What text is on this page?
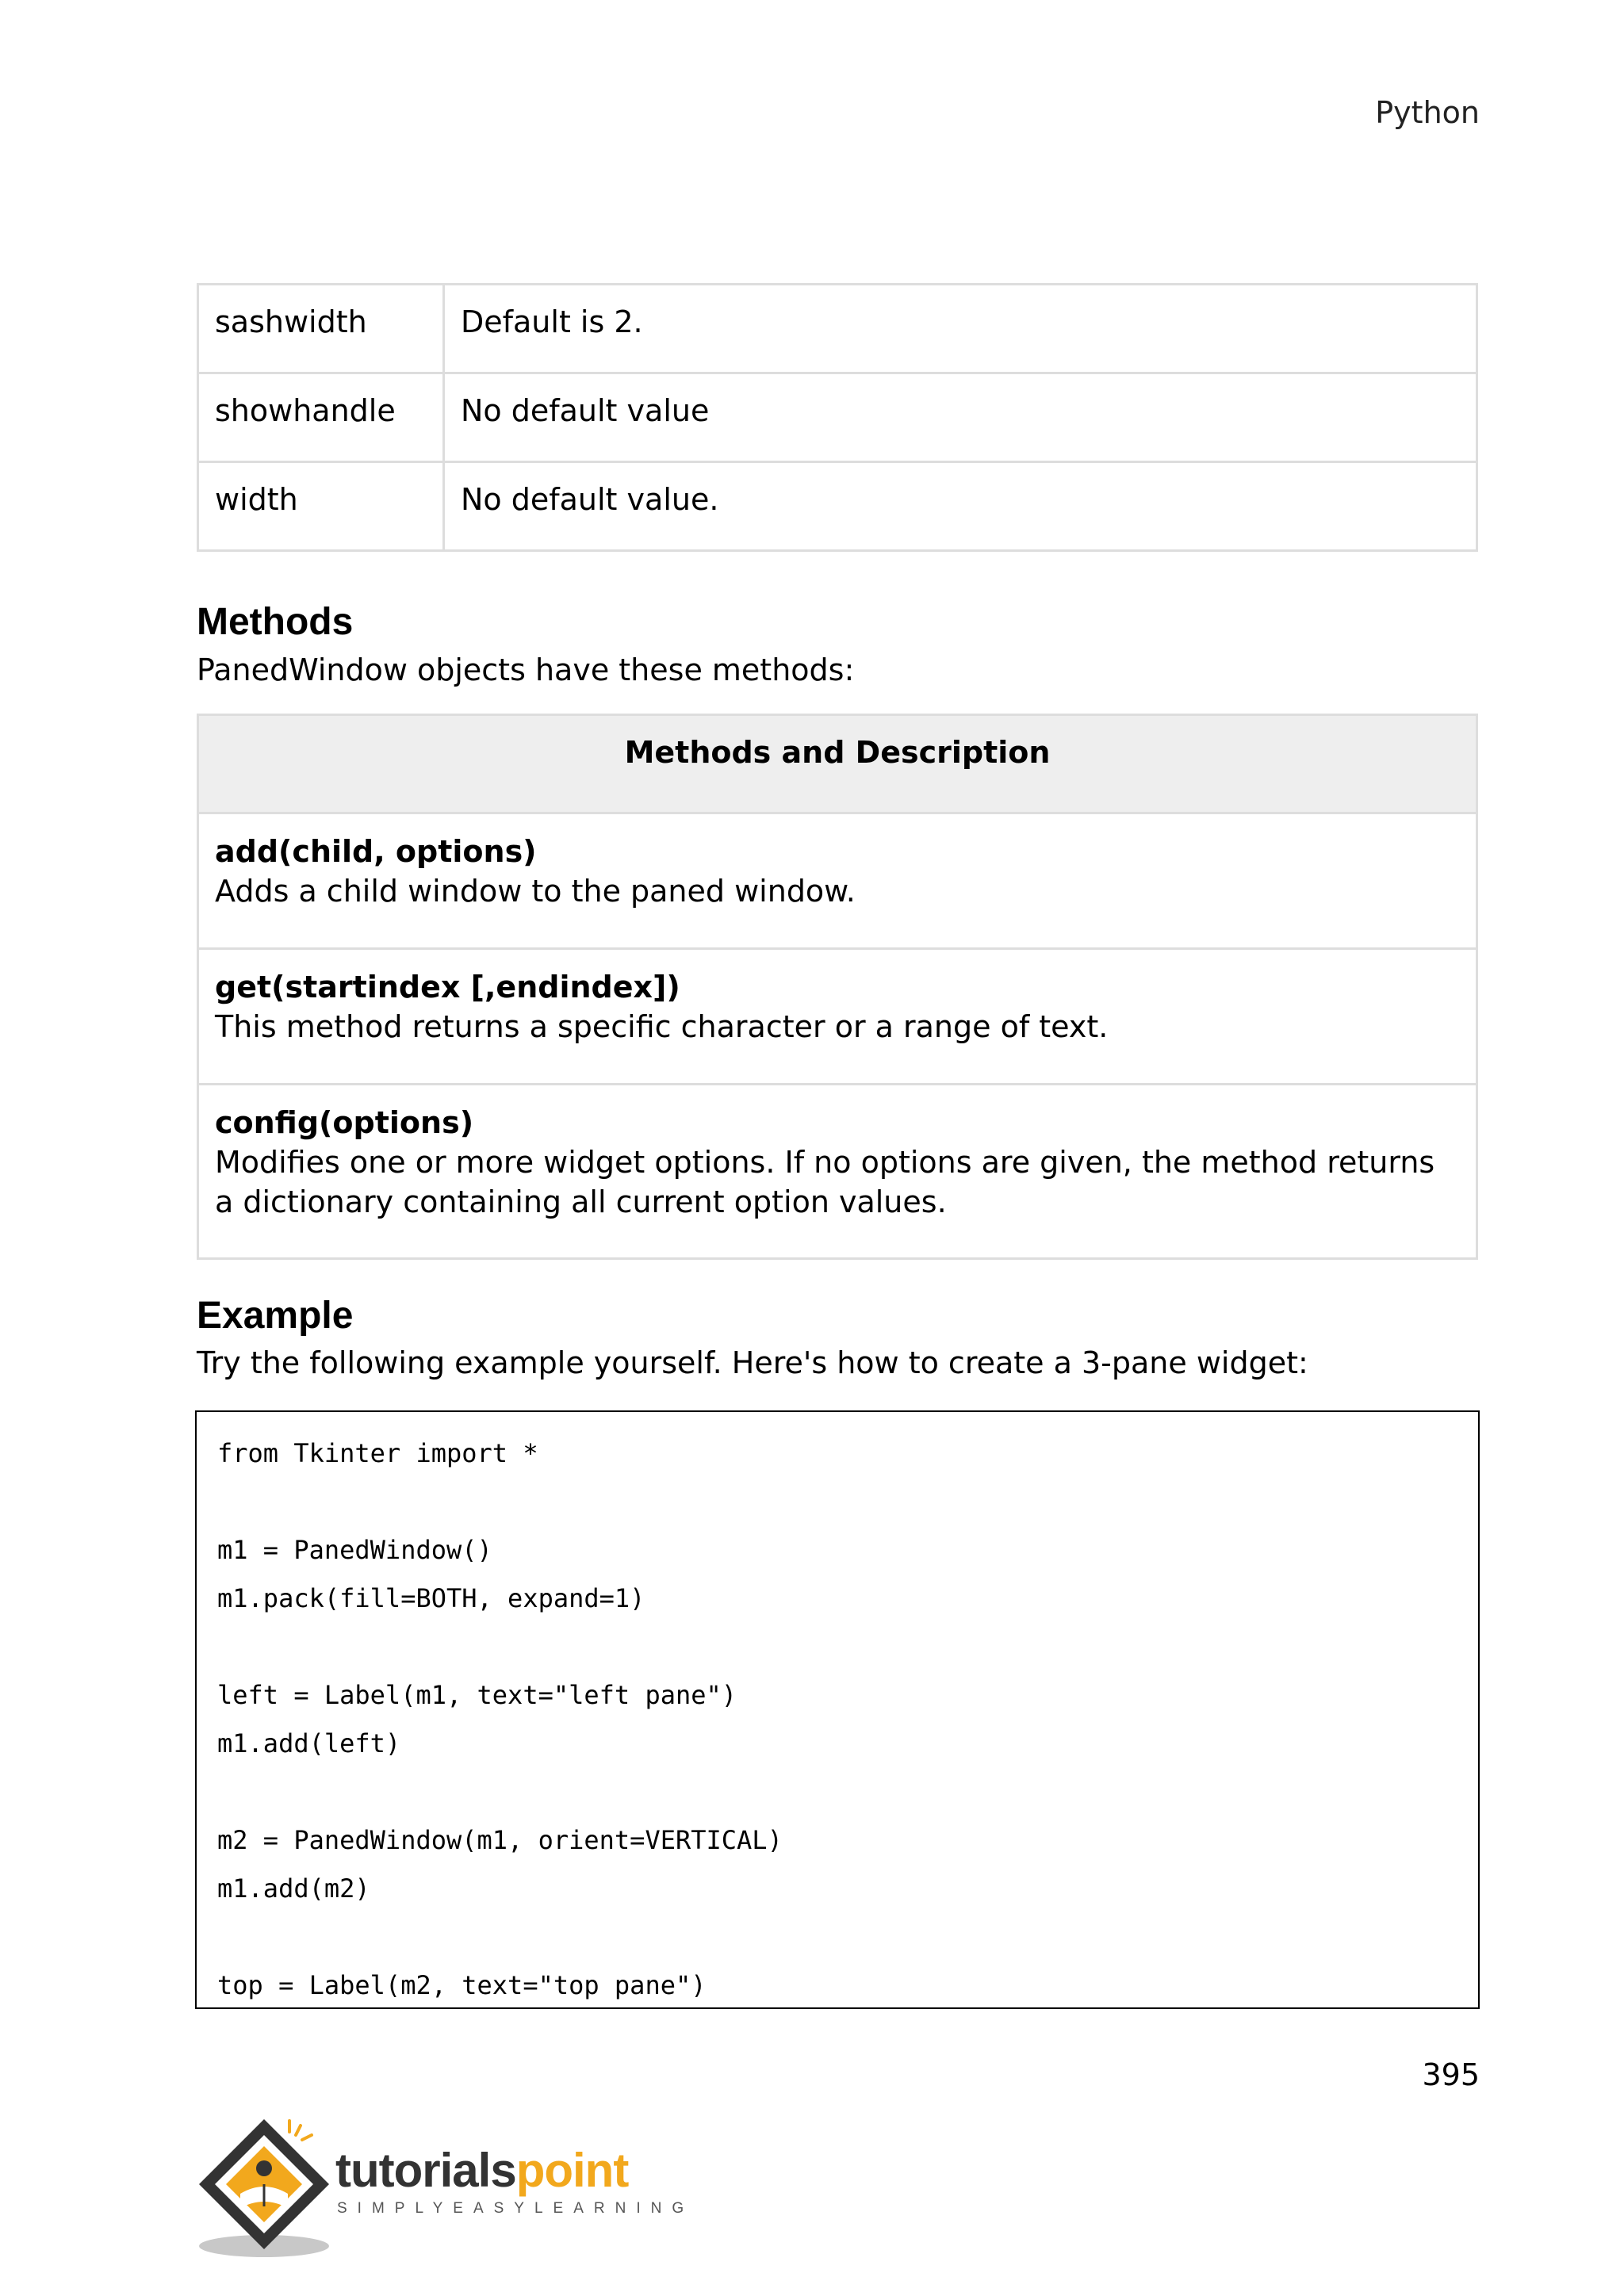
Python
sashwidth	Default is 2.
showhandle	No default value
width	No default value.
Methods
PanedWindow objects have these methods:
Methods and Description

add(child, options)
Adds a child window to the paned window.

get(startindex [,endindex])
This method returns a specific character or a range of text.

config(options)
Modifies one or more widget options. If no options are given, the method returns a dictionary containing all current option values.
Example
Try the following example yourself. Here's how to create a 3-pane widget:
from Tkinter import *
m1 = PanedWindow()
m1.pack(fill=BOTH, expand=1)
left = Label(m1, text="left pane")
m1.add(left)
m2 = PanedWindow(m1, orient=VERTICAL)
m1.add(m2)
top = Label(m2, text="top pane")
395
tutorialspoint
SIMPLYEASYLEARNING
